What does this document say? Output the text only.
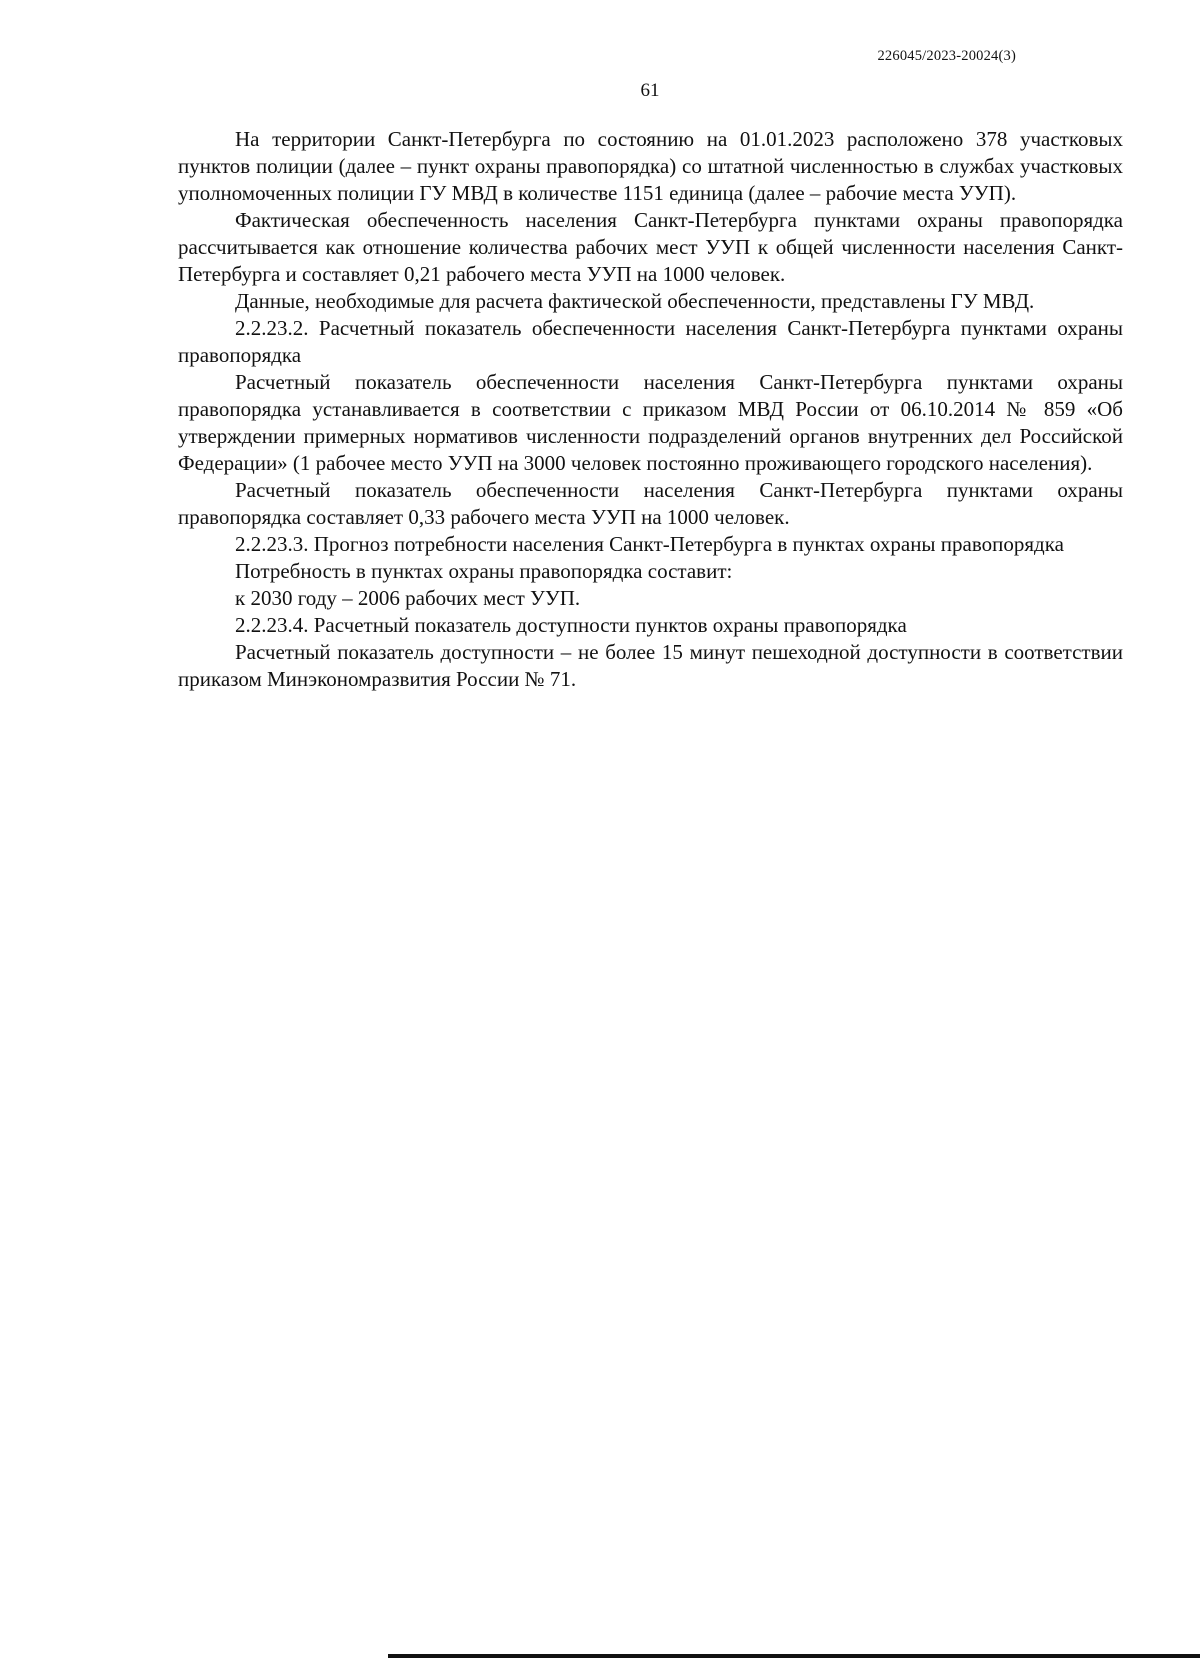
226045/2023-20024(3)
61

На территории Санкт-Петербурга по состоянию на 01.01.2023 расположено 378 участковых пунктов полиции (далее – пункт охраны правопорядка) со штатной численностью в службах участковых уполномоченных полиции ГУ МВД в количестве 1151 единица (далее – рабочие места УУП).

Фактическая обеспеченность населения Санкт-Петербурга пунктами охраны правопорядка рассчитывается как отношение количества рабочих мест УУП к общей численности населения Санкт-Петербурга и составляет 0,21 рабочего места УУП на 1000 человек.

Данные, необходимые для расчета фактической обеспеченности, представлены ГУ МВД.

2.2.23.2. Расчетный показатель обеспеченности населения Санкт-Петербурга пунктами охраны правопорядка

Расчетный показатель обеспеченности населения Санкт-Петербурга пунктами охраны правопорядка устанавливается в соответствии с приказом МВД России от 06.10.2014 № 859 «Об утверждении примерных нормативов численности подразделений органов внутренних дел Российской Федерации» (1 рабочее место УУП на 3000 человек постоянно проживающего городского населения).

Расчетный показатель обеспеченности населения Санкт-Петербурга пунктами охраны правопорядка составляет 0,33 рабочего места УУП на 1000 человек.

2.2.23.3. Прогноз потребности населения Санкт-Петербурга в пунктах охраны правопорядка

Потребность в пунктах охраны правопорядка составит:

к 2030 году – 2006 рабочих мест УУП.

2.2.23.4. Расчетный показатель доступности пунктов охраны правопорядка

Расчетный показатель доступности – не более 15 минут пешеходной доступности в соответствии приказом Минэкономразвития России № 71.
